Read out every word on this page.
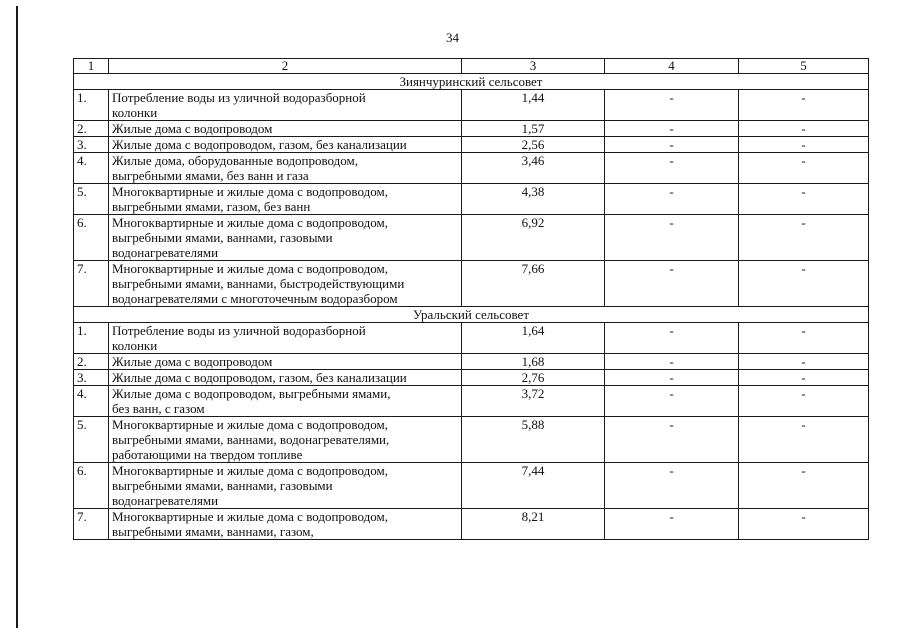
34
1	2	3	4	5
Зиянчуринский сельсовет				
1.	Потребление воды из уличной водоразборной
колонки	1,44	-	-
2.	Жилые дома с водопроводом	1,57	-	-
3.	Жилые дома с водопроводом, газом, без канализации	2,56	-	-
4.	Жилые дома, оборудованные водопроводом,
выгребными ямами, без ванн и газа	3,46	-	-
5.	Многоквартирные и жилые дома с водопроводом,
выгребными ямами, газом, без ванн	4,38	-	-
6.	Многоквартирные и жилые дома с водопроводом,
выгребными ямами, ваннами, газовыми
водонагревателями	6,92	-	-
7.	Многоквартирные и жилые дома с водопроводом,
выгребными ямами, ваннами, быстродействующими
водонагревателями с многоточечным водоразбором	7,66	-	-
Уральский сельсовет				
1.	Потребление воды из уличной водоразборной
колонки	1,64	-	-
2.	Жилые дома с водопроводом	1,68	-	-
3.	Жилые дома с водопроводом, газом, без канализации	2,76	-	-
4.	Жилые дома с водопроводом, выгребными ямами,
без ванн, с газом	3,72	-	-
5.	Многоквартирные и жилые дома с водопроводом,
выгребными ямами, ваннами, водонагревателями,
работающими на твердом топливе	5,88	-	-
6.	Многоквартирные и жилые дома с водопроводом,
выгребными ямами, ваннами, газовыми
водонагревателями	7,44	-	-
7.	Многоквартирные и жилые дома с водопроводом,
выгребными ямами, ваннами, газом,	8,21	-	-
